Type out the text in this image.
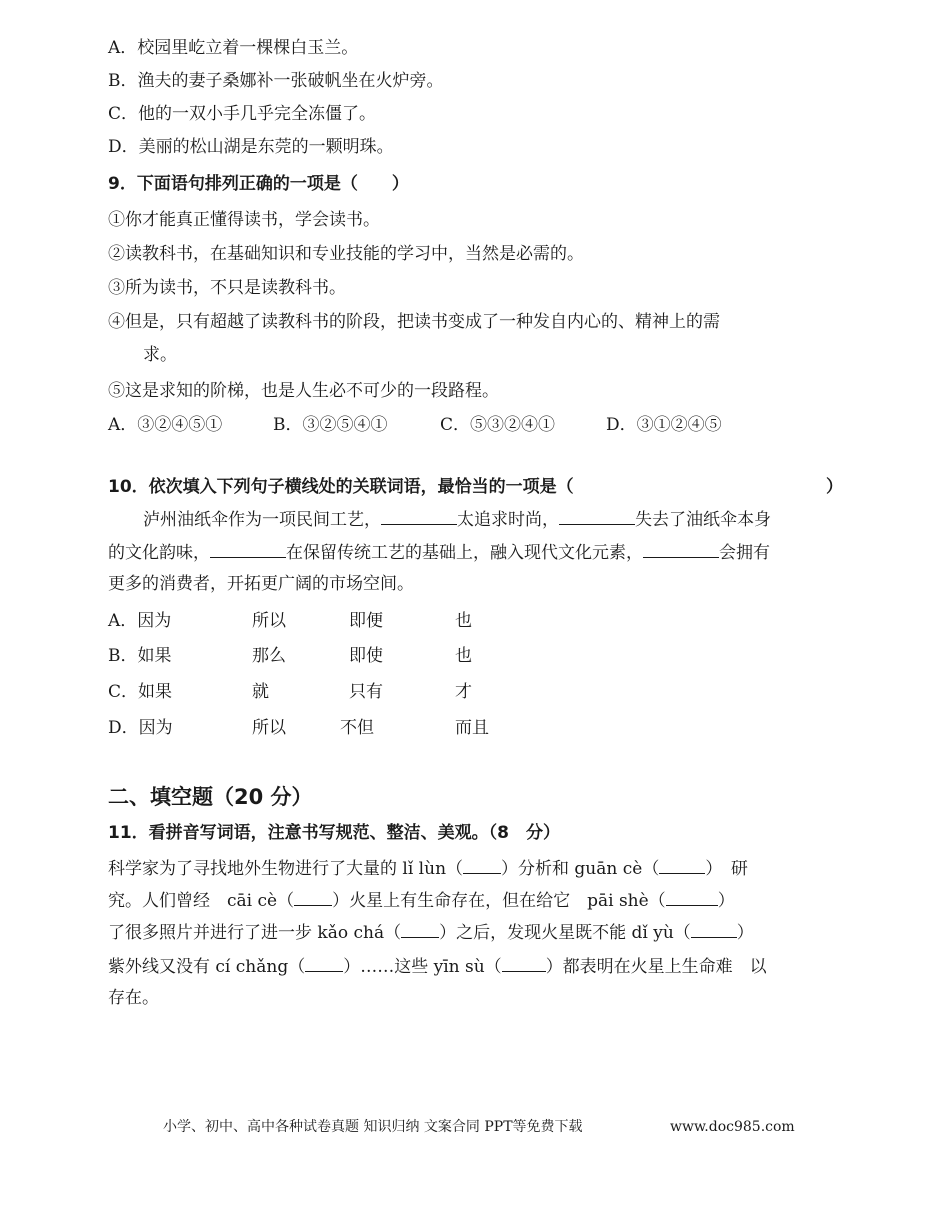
A．校园里屹立着一棵棵白玉兰。
B．渔夫的妻子桑娜补一张破帆坐在火炉旁。
C．他的一双小手几乎完全冻僵了。
D．美丽的松山湖是东莞的一颗明珠。
9．下面语句排列正确的一项是（　　）
①你才能真正懂得读书，学会读书。
②读教科书，在基础知识和专业技能的学习中，当然是必需的。
③所为读书，不只是读教科书。
④但是，只有超越了读教科书的阶段，把读书变成了一种发自内心的、精神上的需
求。
⑤这是求知的阶梯，也是人生必不可少的一段路程。
A．③②④⑤①	B．③②⑤④①	C．⑤③②④①	D．③①②④⑤
10．依次填入下列句子横线处的关联词语，最恰当的一项是（	）
泸州油纸伞作为一项民间工艺，	太追求时尚，	失去了油纸伞本身
的文化韵味，	在保留传统工艺的基础上，融入现代文化元素，	会拥有
更多的消费者，开拓更广阔的市场空间。
A．因为	所以	即便	也
B．如果	那么	即使	也
C．如果	就	只有	才
D．因为	所以	不但	而且
二、填空题（20 分）
11．看拼音写词语，注意书写规范、整洁、美观。（8　分）
科学家为了寻找地外生物进行了大量的 lǐ lùn（ ）分析和 guān cè（	）　研
究。人们曾经　cāi cè（ ）火星上有生命存在，但在给它　pāi shè（	）
了很多照片并进行了进一步 kǎo chá（ ）之后，发现火星既不能 dǐ yù（	）
紫外线又没有 cí chǎng（ ）……这些 yīn sù（	）都表明在火星上生命难　以
存在。
小学、初中、高中各种试卷真题 知识归纳 文案合同 PPT等免费下载	www.doc985.com
